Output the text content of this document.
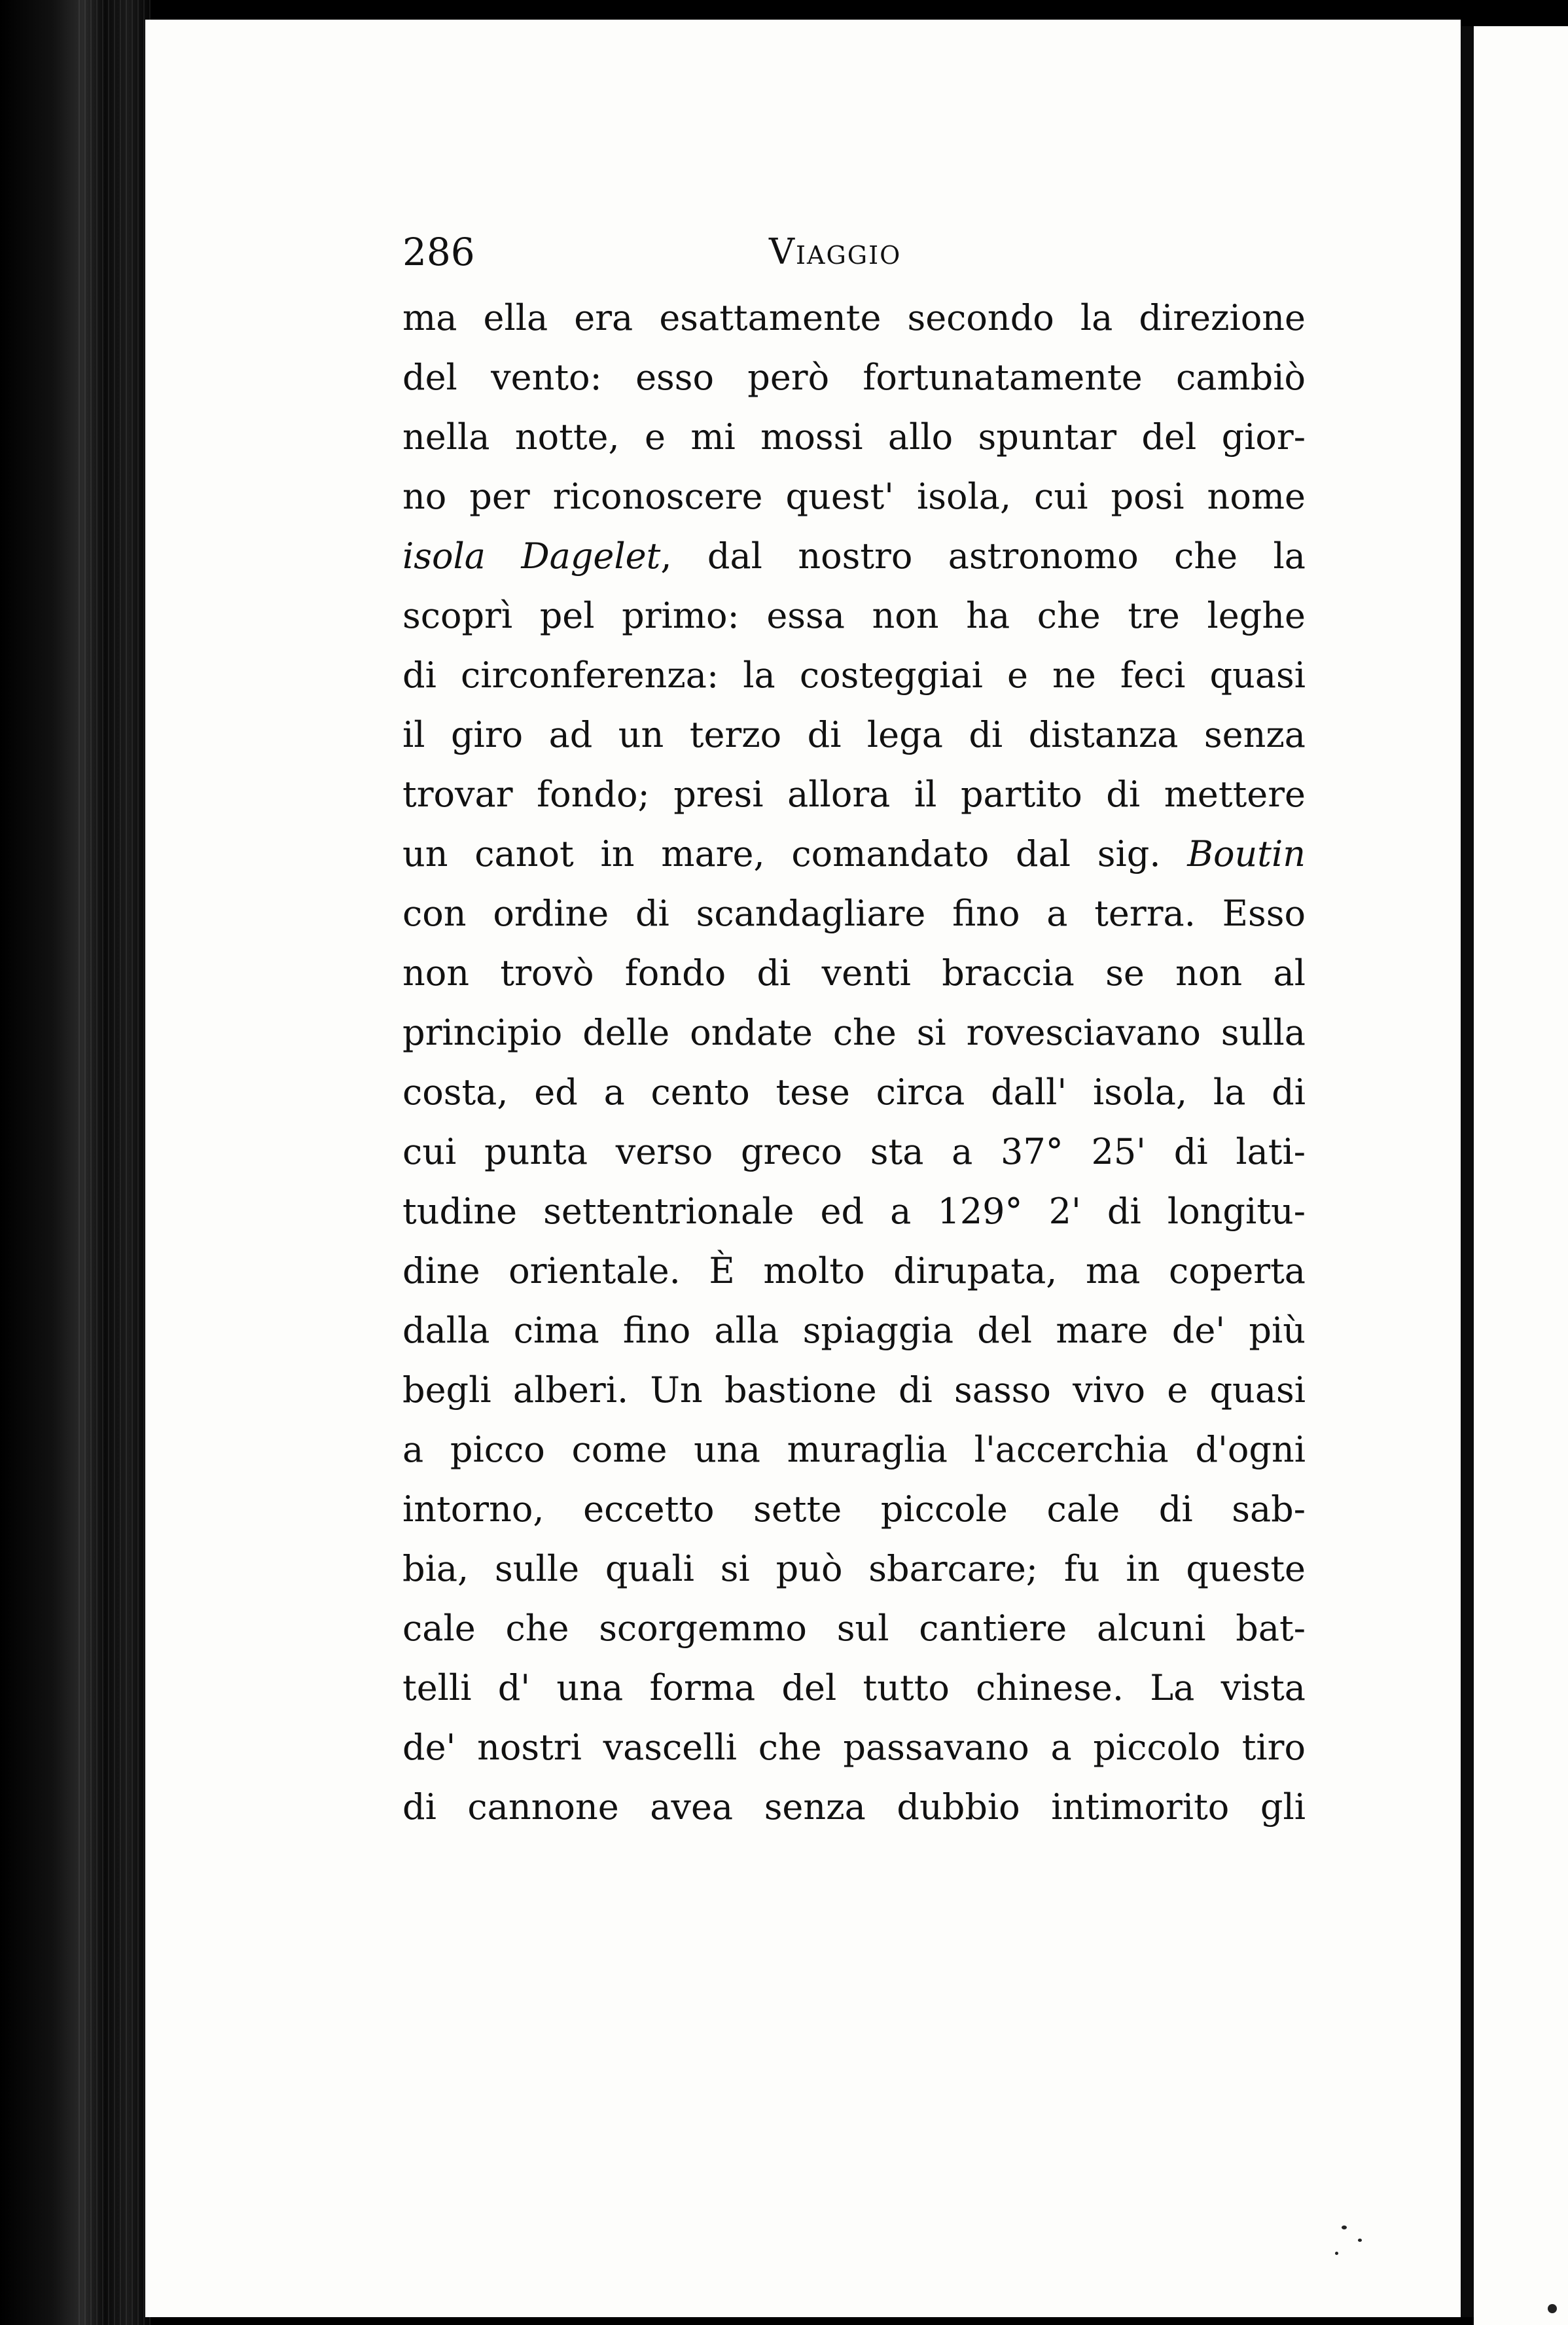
286	Viaggio
ma ella era esattamente secondo la direzione
del vento: esso però fortunatamente cambiò
nella notte, e mi mossi allo spuntar del gior-
no per riconoscere quest' isola, cui posi nome
isola Dagelet, dal nostro astronomo che la
scoprì pel primo: essa non ha che tre leghe
di circonferenza: la costeggiai e ne feci quasi
il giro ad un terzo di lega di distanza senza
trovar fondo; presi allora il partito di mettere
un canot in mare, comandato dal sig. Boutin
con ordine di scandagliare fino a terra. Esso
non trovò fondo di venti braccia se non al
principio delle ondate che si rovesciavano sulla
costa, ed a cento tese circa dall' isola, la di
cui punta verso greco sta a 37° 25' di lati-
tudine settentrionale ed a 129° 2' di longitu-
dine orientale. È molto dirupata, ma coperta
dalla cima fino alla spiaggia del mare de' più
begli alberi. Un bastione di sasso vivo e quasi
a picco come una muraglia l'accerchia d'ogni
intorno, eccetto sette piccole cale di sab-
bia, sulle quali si può sbarcare; fu in queste
cale che scorgemmo sul cantiere alcuni bat-
telli d' una forma del tutto chinese. La vista
de' nostri vascelli che passavano a piccolo tiro
di cannone avea senza dubbio intimorito gli
